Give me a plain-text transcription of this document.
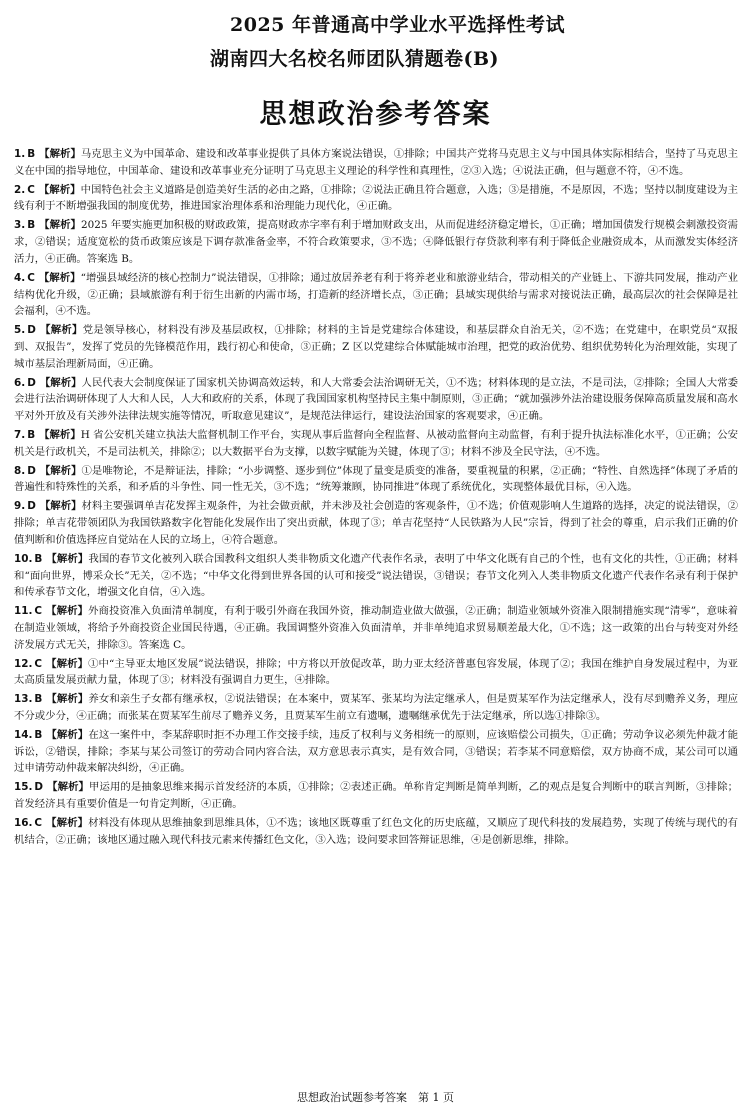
2025 年普通高中学业水平选择性考试
湖南四大名校名师团队猜题卷(B)
思想政治参考答案
1. B 【解析】马克思主义为中国革命、建设和改革事业提供了具体方案说法错误，①排除；中国共产党将马克思主义与中国具体实际相结合，坚持了马克思主义在中国的指导地位，中国革命、建设和改革事业充分证明了马克思主义理论的科学性和真理性，②③入选；④说法正确，但与题意不符，④不选。
2. C 【解析】中国特色社会主义道路是创造美好生活的必由之路，①排除；②说法正确且符合题意，入选；③是措施，不是原因，不选；坚持以制度建设为主线有利于不断增强我国的制度优势，推进国家治理体系和治理能力现代化，④正确。
3. B 【解析】2025 年要实施更加积极的财政政策，提高财政赤字率有利于增加财政支出，从而促进经济稳定增长，①正确；增加国债发行规模会刺激投资需求，②错误；适度宽松的货币政策应该是下调存款准备金率，不符合政策要求，③不选；④降低银行存贷款利率有利于降低企业融资成本，从而激发实体经济活力，④正确。答案选 B。
4. C 【解析】“增强县域经济的核心控制力”说法错误，①排除；通过放居养老有利于将养老业和旅游业结合，带动相关的产业链上、下游共同发展，推动产业结构优化升级，②正确；县域旅游有利于衍生出新的内需市场，打造新的经济增长点，③正确；县域实现供给与需求对接说法正确，最高层次的社会保障是社会福利，④不选。
5. D 【解析】党是领导核心，材料没有涉及基层政权，①排除；材料的主旨是党建综合体建设，和基层群众自治无关，②不选；在党建中，在职党员“双报到、双报告”，发挥了党员的先锋模范作用，践行初心和使命，③正确；Z 区以党建综合体赋能城市治理，把党的政治优势、组织优势转化为治理效能，实现了城市基层治理新局面，④正确。
6. D 【解析】人民代表大会制度保证了国家机关协调高效运转，和人大常委会法治调研无关，①不选；材料体现的是立法，不是司法，②排除；全国人大常委会进行法治调研体现了人大和人民，人大和政府的关系，体现了我国国家机构坚持民主集中制原则，③正确；“就加强涉外法治建设服务保障高质量发展和高水平对外开放及有关涉外法律法规实施等情况，听取意见建议”，是规范法律运行，建设法治国家的客观要求，④正确。
7. B 【解析】H 省公安机关建立执法大监督机制工作平台，实现从事后监督向全程监督、从被动监督向主动监督，有利于提升执法标准化水平，①正确；公安机关是行政机关，不是司法机关，排除②；以大数据平台为支撑，以数字赋能为关键，体现了③；材料不涉及全民守法，④不选。
8. D 【解析】①是唯物论，不是辩证法，排除；“小步调整、逐步到位”体现了量变是质变的准备，要重视量的积累，②正确；“特性、自然选择”体现了矛盾的普遍性和特殊性的关系，和矛盾的斗争性、同一性无关，③不选；“统筹兼顾，协同推进”体现了系统优化，实现整体最优目标，④入选。
9. D 【解析】材料主要强调单吉花发挥主观条件，为社会做贡献，并未涉及社会创造的客观条件，①不选；价值观影响人生道路的选择，决定的说法错误，②排除；单吉花带领团队为我国铁路数字化智能化发展作出了突出贡献，体现了③；单吉花坚持“人民铁路为人民”宗旨，得到了社会的尊重，启示我们正确的价值判断和价值选择应自觉站在人民的立场上，④符合题意。
10. B 【解析】我国的春节文化被列入联合国教科文组织人类非物质文化遗产代表作名录，表明了中华文化既有自己的个性，也有文化的共性，①正确；材料和“面向世界，博采众长”无关，②不选；“中华文化得到世界各国的认可和接受”说法错误，③错误；春节文化列入人类非物质文化遗产代表作名录有利于保护和传承春节文化，增强文化自信，④入选。
11. C 【解析】外商投资准入负面清单制度，有利于吸引外商在我国外资，推动制造业做大做强，②正确；制造业领域外资准入限制措施实现“清零”，意味着在制造业领域，将给予外商投资企业国民待遇，④正确。我国调整外资准入负面清单，并非单纯追求贸易顺差最大化，①不选；这一政策的出台与转变对外经济发展方式无关，排除③。答案选 C。
12. C 【解析】①中“主导亚太地区发展”说法错误，排除；中方将以开放促改革，助力亚太经济普惠包容发展，体现了②；我国在维护自身发展过程中，为亚太高质量发展贡献力量，体现了③；材料没有强调自力更生，④排除。
13. B 【解析】养女和亲生子女都有继承权，②说法错误；在本案中，贾某军、张某均为法定继承人，但是贾某军作为法定继承人，没有尽到赡养义务，理应不分或少分，④正确；而张某在贾某军生前尽了赡养义务，且贾某军生前立有遗嘱，遗嘱继承优先于法定继承，所以选①排除③。
14. B 【解析】在这一案件中，李某辞职时拒不办理工作交接手续，违反了权利与义务相统一的原则，应该赔偿公司损失，①正确；劳动争议必须先仲裁才能诉讼，②错误，排除；李某与某公司签订的劳动合同内容合法，双方意思表示真实，是有效合同，③错误；若李某不同意赔偿，双方协商不成，某公司可以通过申请劳动仲裁来解决纠纷，④正确。
15. D 【解析】甲运用的是抽象思维来揭示首发经济的本质，①排除；②表述正确。单称肯定判断是简单判断，乙的观点是复合判断中的联言判断，③排除；首发经济具有重要价值是一句肯定判断，④正确。
16. C 【解析】材料没有体现从思维抽象到思维具体，①不选；该地区既尊重了红色文化的历史底蕴，又顺应了现代科技的发展趋势，实现了传统与现代的有机结合，②正确；该地区通过融入现代科技元素来传播红色文化，③入选；设问要求回答辩证思维，④是创新思维，排除。
思想政治试题参考答案　第 1 页
